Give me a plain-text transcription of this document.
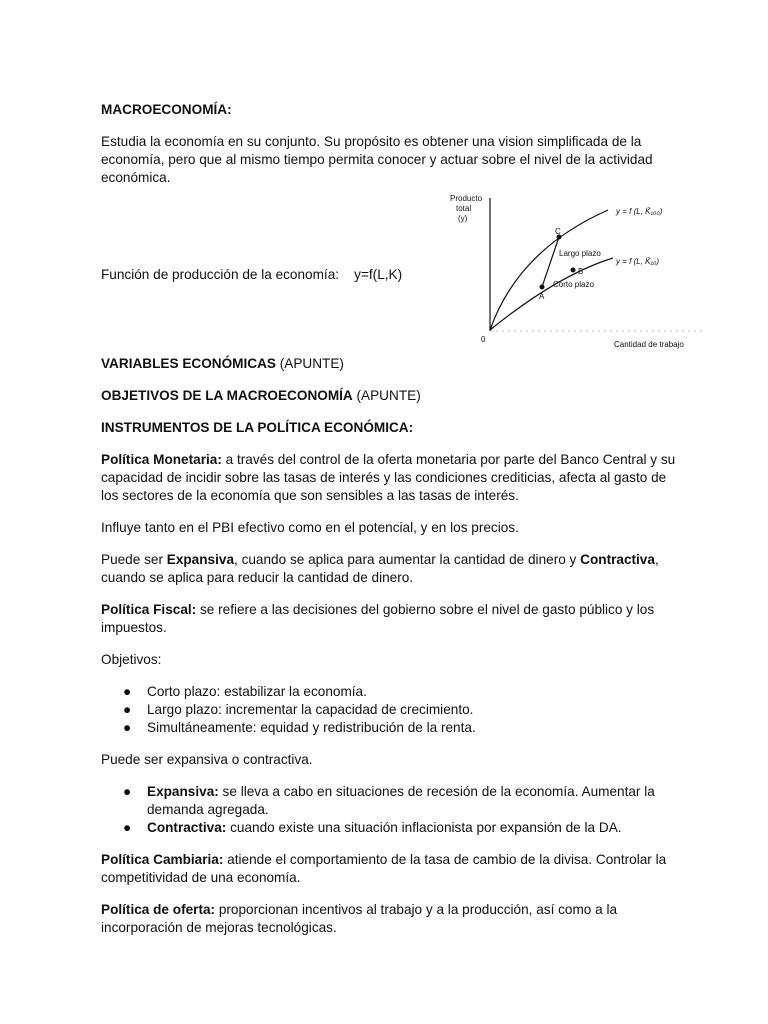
MACROECONOMÍA:

Estudia la economía en su conjunto. Su propósito es obtener una vision simplificada de la economía, pero que al mismo tiempo permita conocer y actuar sobre el nivel de la actividad económica.

Función de producción de la economía: y=f(L,K)

VARIABLES ECONÓMICAS (APUNTE)

OBJETIVOS DE LA MACROECONOMÍA (APUNTE)

INSTRUMENTOS DE LA POLÍTICA ECONÓMICA:

Política Monetaria: a través del control de la oferta monetaria por parte del Banco Central y su capacidad de incidir sobre las tasas de interés y las condiciones crediticias, afecta al gasto de los sectores de la economía que son sensibles a las tasas de interés.

Influye tanto en el PBI efectivo como en el potencial, y en los precios.

Puede ser Expansiva, cuando se aplica para aumentar la cantidad de dinero y Contractiva, cuando se aplica para reducir la cantidad de dinero.

Política Fiscal: se refiere a las decisiones del gobierno sobre el nivel de gasto público y los impuestos.

Objetivos:

● Corto plazo: estabilizar la economía.
● Largo plazo: incrementar la capacidad de crecimiento.
● Simultáneamente: equidad y redistribución de la renta.

Puede ser expansiva o contractiva.

● Expansiva: se lleva a cabo en situaciones de recesión de la economía. Aumentar la demanda agregada.
● Contractiva: cuando existe una situación inflacionista por expansión de la DA.

Política Cambiaria: atiende el comportamiento de la tasa de cambio de la divisa. Controlar la competitividad de una economía.

Política de oferta: proporcionan incentivos al trabajo y a la producción, así como a la incorporación de mejoras tecnológicas.

Producto
total
(y)
0
Cantidad de trabajo
y = f (L, K̄₁₀₀)
y = f (L, K̄₁₀)
C
A
B
Largo plazo
Corto plazo
